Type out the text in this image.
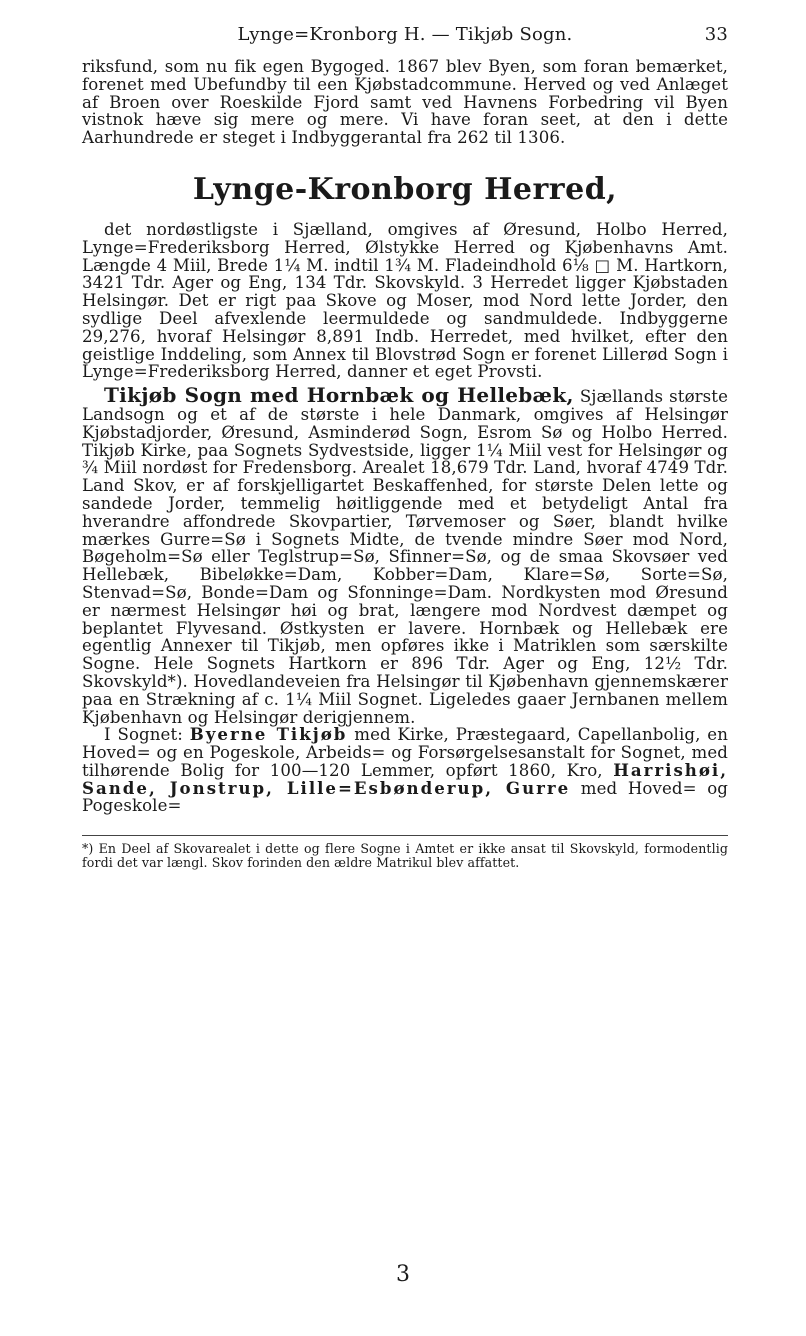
Lynge=Kronborg H. — Tikjøb Sogn.	33

riksfund, som nu fik egen Bygoged. 1867 blev Byen, som foran bemærket, forenet med Ubefundby til een Kjøbstadcommune. Herved og ved Anlæget af Broen over Roeskilde Fjord samt ved Havnens Forbedring vil Byen vistnok hæve sig mere og mere. Vi have foran seet, at den i dette Aarhundrede er steget i Indbyggerantal fra 262 til 1306.

Lynge-Kronborg Herred,

det nordøstligste i Sjælland, omgives af Øresund, Holbo Herred, Lynge=Frederiksborg Herred, Ølstykke Herred og Kjøbenhavns Amt. Længde 4 Miil, Brede 1¼ M. indtil 1¾ M. Fladeindhold 6⅛ □ M. Hartkorn, 3421 Tdr. Ager og Eng, 134 Tdr. Skovskyld. 3 Herredet ligger Kjøbstaden Helsingør. Det er rigt paa Skove og Moser, mod Nord lette Jorder, den sydlige Deel afvexlende leermuldede og sandmuldede. Indbyggerne 29,276, hvoraf Helsingør 8,891 Indb. Herredet, med hvilket, efter den geistlige Inddeling, som Annex til Blovstrød Sogn er forenet Lillerød Sogn i Lynge=Frederiksborg Herred, danner et eget Provsti.

Tikjøb Sogn med Hornbæk og Hellebæk, Sjællands største Landsogn og et af de største i hele Danmark, omgives af Helsingør Kjøbstadjorder, Øresund, Asminderød Sogn, Esrom Sø og Holbo Herred. Tikjøb Kirke, paa Sognets Sydvestside, ligger 1¼ Miil vest for Helsingør og ¾ Miil nordøst for Fredensborg. Arealet 18,679 Tdr. Land, hvoraf 4749 Tdr. Land Skov, er af forskjelligartet Beskaffenhed, for største Delen lette og sandede Jorder, temmelig høitliggende med et betydeligt Antal fra hverandre affondrede Skovpartier, Tørvemoser og Søer, blandt hvilke mærkes Gurre=Sø i Sognets Midte, de tvende mindre Søer mod Nord, Bøgeholm=Sø eller Teglstrup=Sø, Sfinner=Sø, og de smaa Skovsøer ved Hellebæk, Bibeløkke=Dam, Kobber=Dam, Klare=Sø, Sorte=Sø, Stenvad=Sø, Bonde=Dam og Sfonninge=Dam. Nordkysten mod Øresund er nærmest Helsingør høi og brat, længere mod Nordvest dæmpet og beplantet Flyvesand. Østkysten er lavere. Hornbæk og Hellebæk ere egentlig Annexer til Tikjøb, men opføres ikke i Matriklen som særskilte Sogne. Hele Sognets Hartkorn er 896 Tdr. Ager og Eng, 12½ Tdr. Skovskyld*). Hovedlandeveien fra Helsingør til Kjøbenhavn gjennemskærer paa en Strækning af c. 1¼ Miil Sognet. Ligeledes gaaer Jernbanen mellem Kjøbenhavn og Helsingør derigjennem.

I Sognet: Byerne Tikjøb med Kirke, Præstegaard, Capellanbolig, en Hoved= og en Pogeskole, Arbeids= og Forsørgelsesanstalt for Sognet, med tilhørende Bolig for 100—120 Lemmer, opført 1860, Kro, Harrishøi, Sande, Jonstrup, Lille=Esbønderup, Gurre med Hoved= og Pogeskole=

*) En Deel af Skovarealet i dette og flere Sogne i Amtet er ikke ansat til Skovskyld, formodentlig fordi det var længl. Skov forinden den ældre Matrikul blev affattet.

3
